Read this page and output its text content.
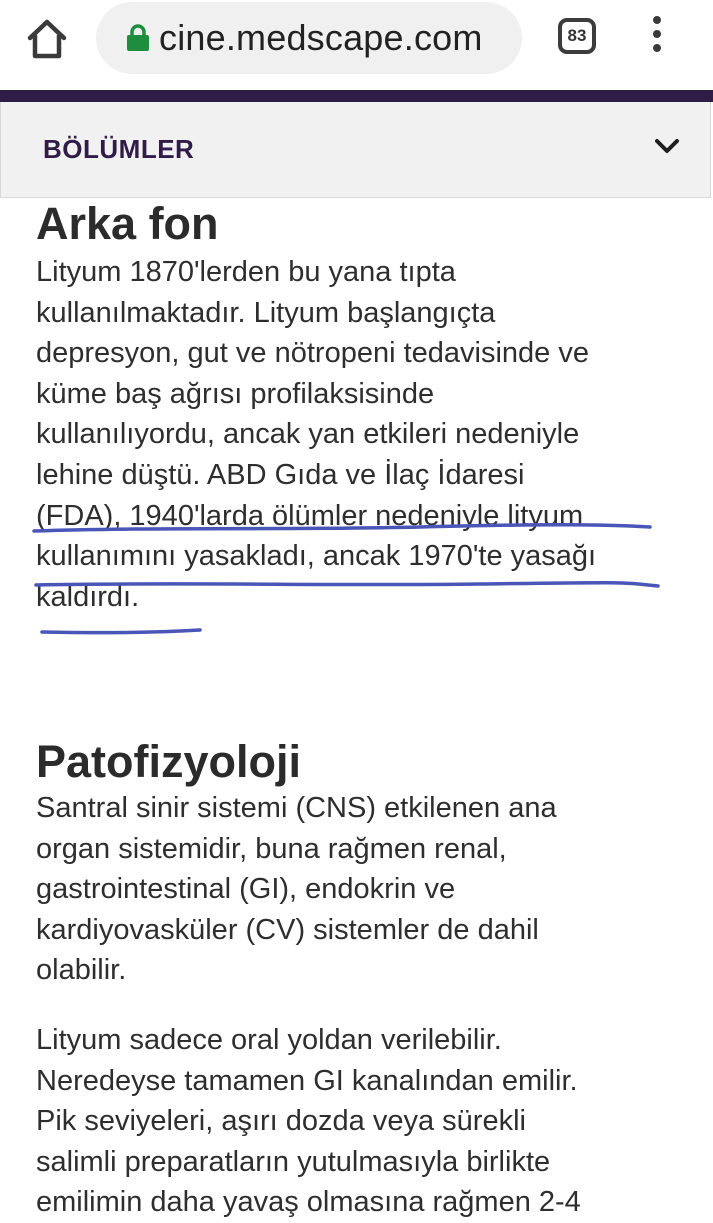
cine.medscape.com	83
BÖLÜMLER
Arka fon

Lityum 1870'lerden bu yana tıpta
kullanılmaktadır. Lityum başlangıçta
depresyon, gut ve nötropeni tedavisinde ve
küme baş ağrısı profilaksisinde
kullanılıyordu, ancak yan etkileri nedeniyle
lehine düştü. ABD Gıda ve İlaç İdaresi
(FDA), 1940'larda ölümler nedeniyle lityum
kullanımını yasakladı, ancak 1970'te yasağı
kaldırdı.

Patofizyoloji

Santral sinir sistemi (CNS) etkilenen ana
organ sistemidir, buna rağmen renal,
gastrointestinal (GI), endokrin ve
kardiyovasküler (CV) sistemler de dahil
olabilir.

Lityum sadece oral yoldan verilebilir.
Neredeyse tamamen GI kanalından emilir.
Pik seviyeleri, aşırı dozda veya sürekli
salimli preparatların yutulmasıyla birlikte
emilimin daha yavaş olmasına rağmen 2-4
